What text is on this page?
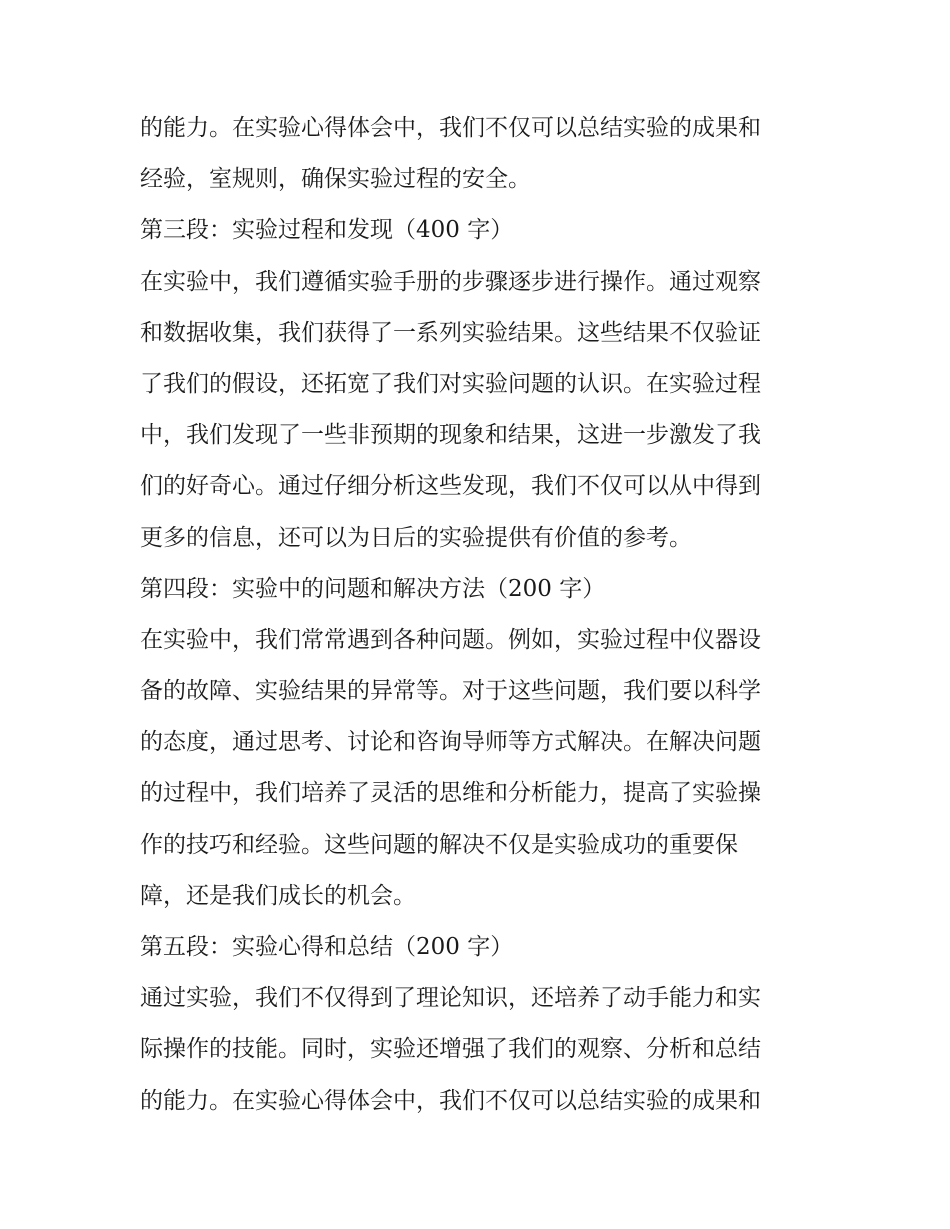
的能力。在实验心得体会中，我们不仅可以总结实验的成果和
经验，室规则，确保实验过程的安全。
第三段：实验过程和发现（400 字）
在实验中，我们遵循实验手册的步骤逐步进行操作。通过观察
和数据收集，我们获得了一系列实验结果。这些结果不仅验证
了我们的假设，还拓宽了我们对实验问题的认识。在实验过程
中，我们发现了一些非预期的现象和结果，这进一步激发了我
们的好奇心。通过仔细分析这些发现，我们不仅可以从中得到
更多的信息，还可以为日后的实验提供有价值的参考。
第四段：实验中的问题和解决方法（200 字）
在实验中，我们常常遇到各种问题。例如，实验过程中仪器设
备的故障、实验结果的异常等。对于这些问题，我们要以科学
的态度，通过思考、讨论和咨询导师等方式解决。在解决问题
的过程中，我们培养了灵活的思维和分析能力，提高了实验操
作的技巧和经验。这些问题的解决不仅是实验成功的重要保
障，还是我们成长的机会。
第五段：实验心得和总结（200 字）
通过实验，我们不仅得到了理论知识，还培养了动手能力和实
际操作的技能。同时，实验还增强了我们的观察、分析和总结
的能力。在实验心得体会中，我们不仅可以总结实验的成果和
